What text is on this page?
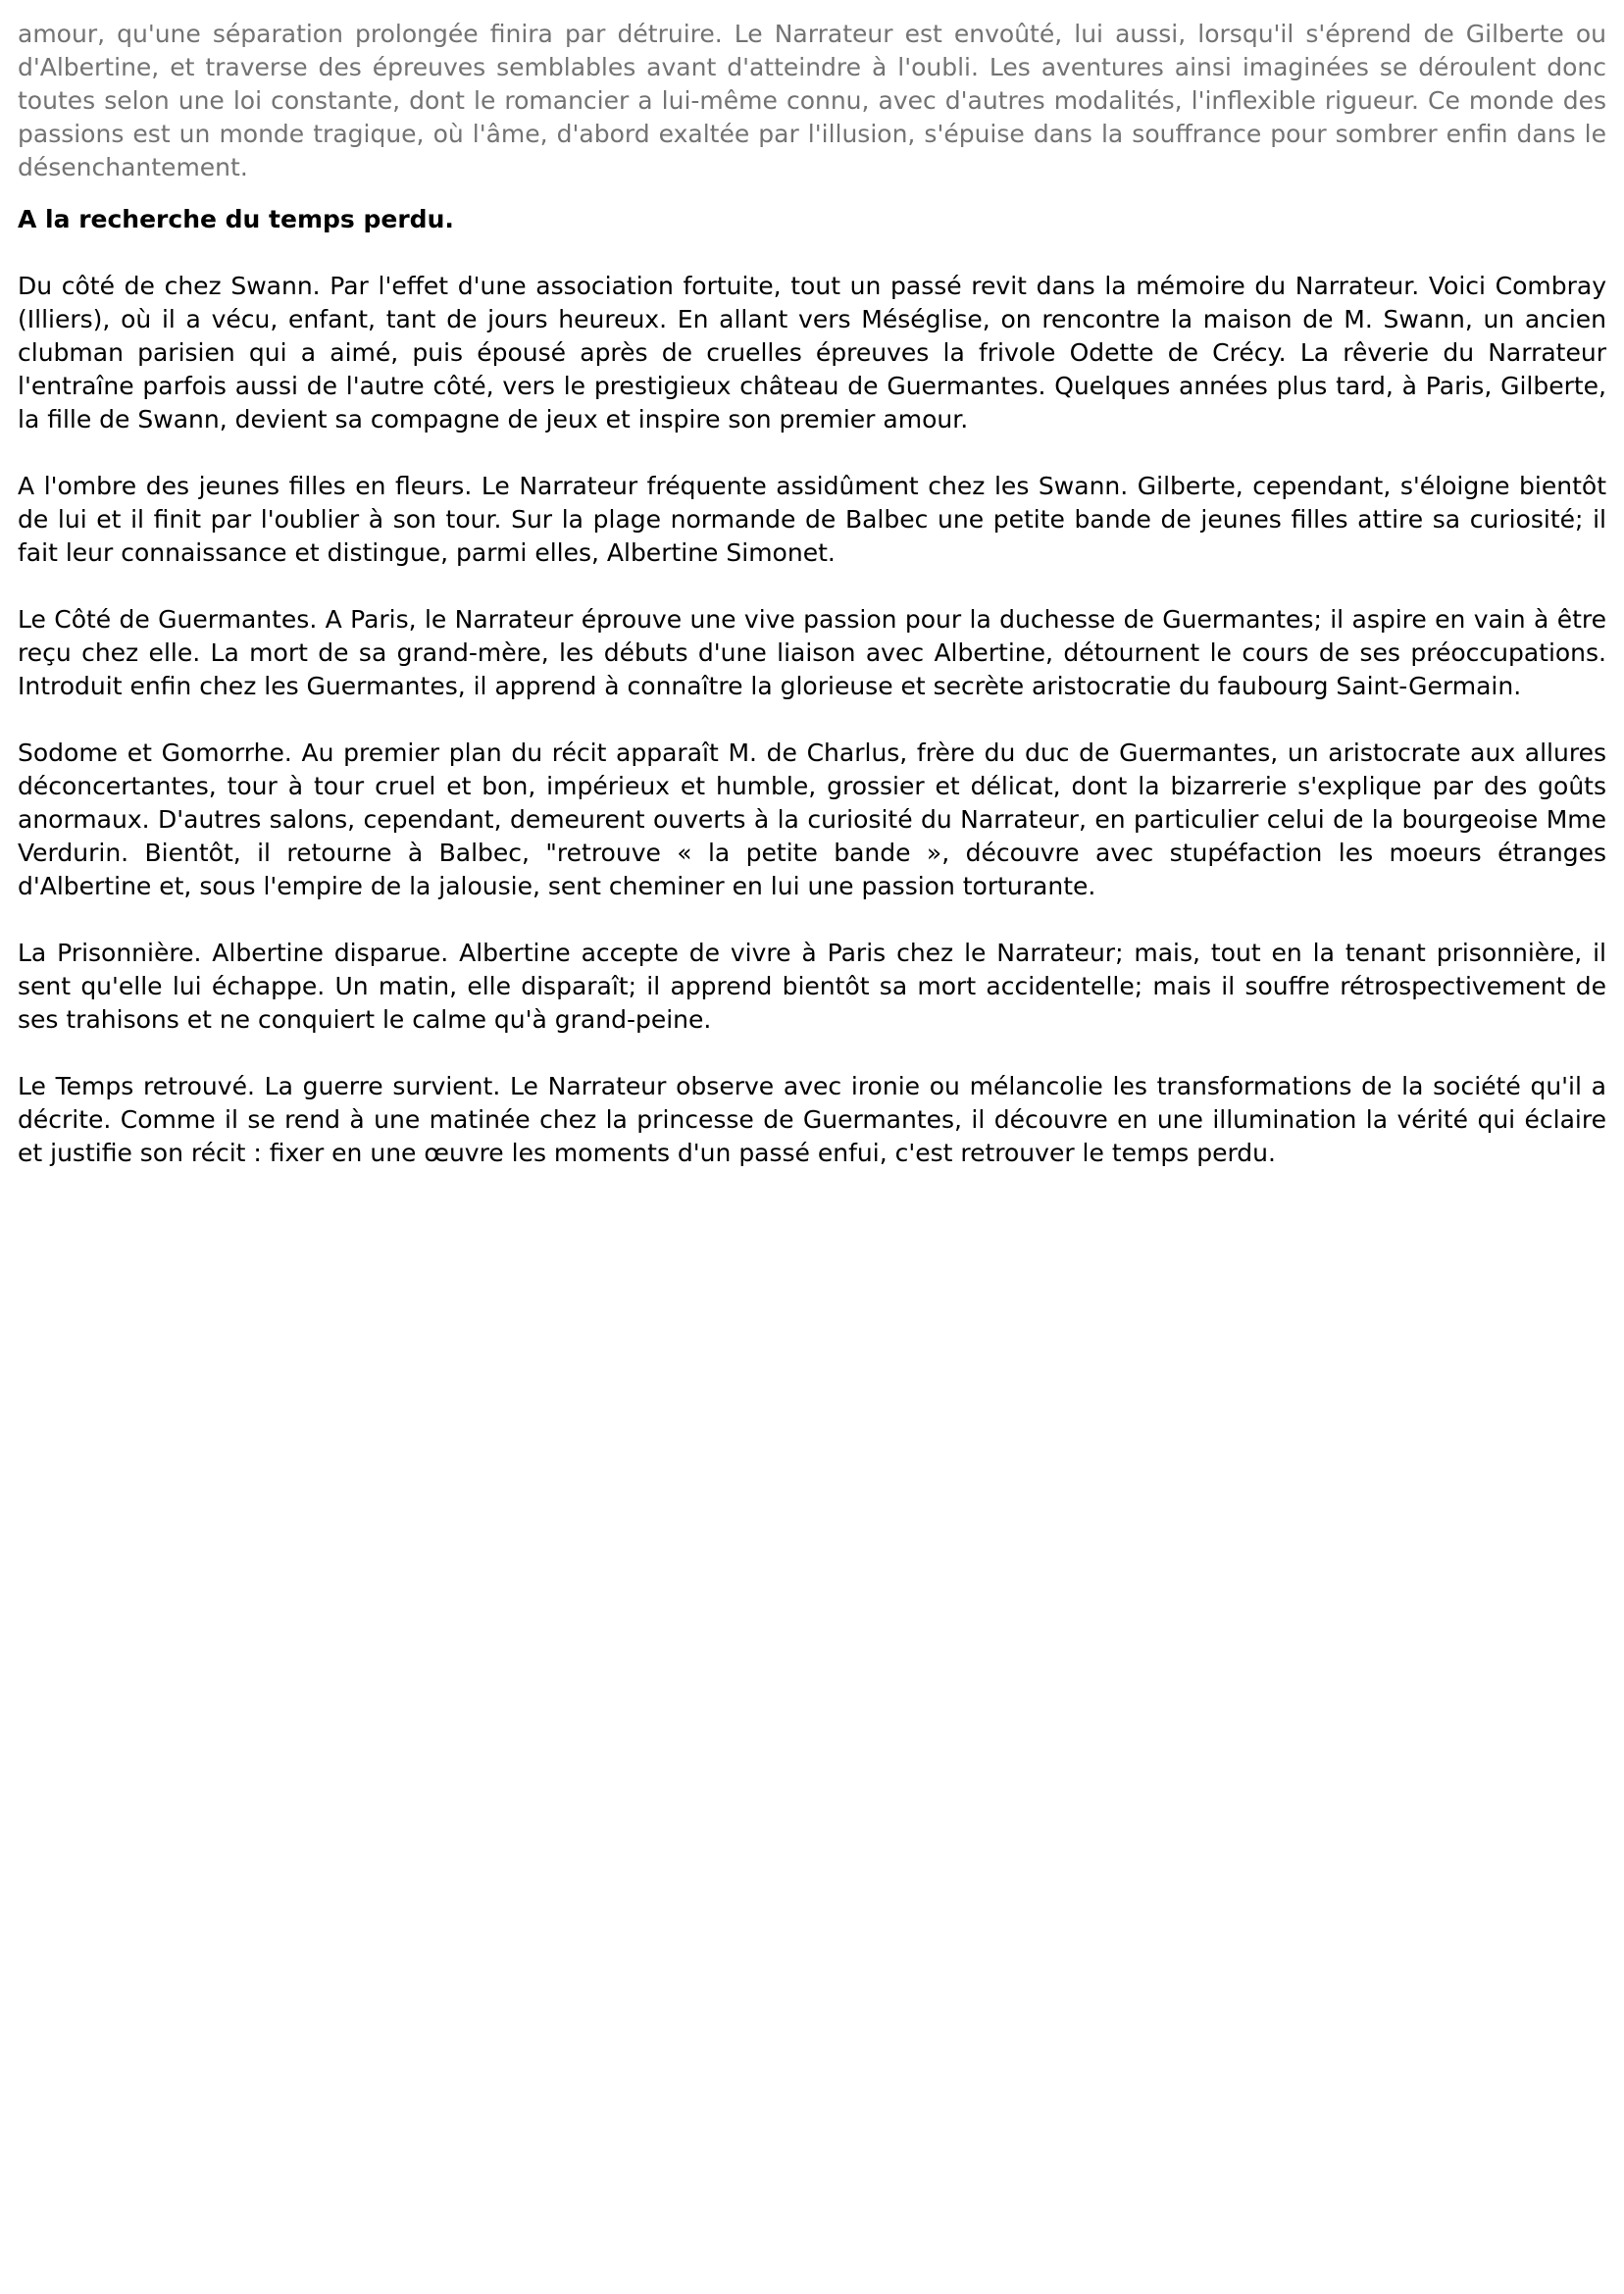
amour, qu'une séparation prolongée finira par détruire. Le Narrateur est envoûté, lui aussi, lorsqu'il s'éprend de Gilberte ou d'Albertine, et traverse des épreuves semblables avant d'atteindre à l'oubli. Les aventures ainsi imaginées se déroulent donc toutes selon une loi constante, dont le romancier a lui-même connu, avec d'autres modalités, l'inflexible rigueur. Ce monde des passions est un monde tragique, où l'âme, d'abord exaltée par l'illusion, s'épuise dans la souffrance pour sombrer enfin dans le désenchantement.

A la recherche du temps perdu.

Du côté de chez Swann. Par l'effet d'une association fortuite, tout un passé revit dans la mémoire du Narrateur. Voici Combray (Illiers), où il a vécu, enfant, tant de jours heureux. En allant vers Méséglise, on rencontre la maison de M. Swann, un ancien clubman parisien qui a aimé, puis épousé après de cruelles épreuves la frivole Odette de Crécy. La rêverie du Narrateur l'entraîne parfois aussi de l'autre côté, vers le prestigieux château de Guermantes. Quelques années plus tard, à Paris, Gilberte, la fille de Swann, devient sa compagne de jeux et inspire son premier amour.

A l'ombre des jeunes filles en fleurs. Le Narrateur fréquente assidûment chez les Swann. Gilberte, cependant, s'éloigne bientôt de lui et il finit par l'oublier à son tour. Sur la plage normande de Balbec une petite bande de jeunes filles attire sa curiosité; il fait leur connaissance et distingue, parmi elles, Albertine Simonet.

Le Côté de Guermantes. A Paris, le Narrateur éprouve une vive passion pour la duchesse de Guermantes; il aspire en vain à être reçu chez elle. La mort de sa grand-mère, les débuts d'une liaison avec Albertine, détournent le cours de ses préoccupations. Introduit enfin chez les Guermantes, il apprend à connaître la glorieuse et secrète aristocratie du faubourg Saint-Germain.

Sodome et Gomorrhe. Au premier plan du récit apparaît M. de Charlus, frère du duc de Guermantes, un aristocrate aux allures déconcertantes, tour à tour cruel et bon, impérieux et humble, grossier et délicat, dont la bizarrerie s'explique par des goûts anormaux. D'autres salons, cependant, demeurent ouverts à la curiosité du Narrateur, en particulier celui de la bourgeoise Mme Verdurin. Bientôt, il retourne à Balbec, "retrouve « la petite bande », découvre avec stupéfaction les moeurs étranges d'Albertine et, sous l'empire de la jalousie, sent cheminer en lui une passion torturante.

La Prisonnière. Albertine disparue. Albertine accepte de vivre à Paris chez le Narrateur; mais, tout en la tenant prisonnière, il sent qu'elle lui échappe. Un matin, elle disparaît; il apprend bientôt sa mort accidentelle; mais il souffre rétrospectivement de ses trahisons et ne conquiert le calme qu'à grand-peine.

Le Temps retrouvé. La guerre survient. Le Narrateur observe avec ironie ou mélancolie les transformations de la société qu'il a décrite. Comme il se rend à une matinée chez la princesse de Guermantes, il découvre en une illumination la vérité qui éclaire et justifie son récit : fixer en une œuvre les moments d'un passé enfui, c'est retrouver le temps perdu.
